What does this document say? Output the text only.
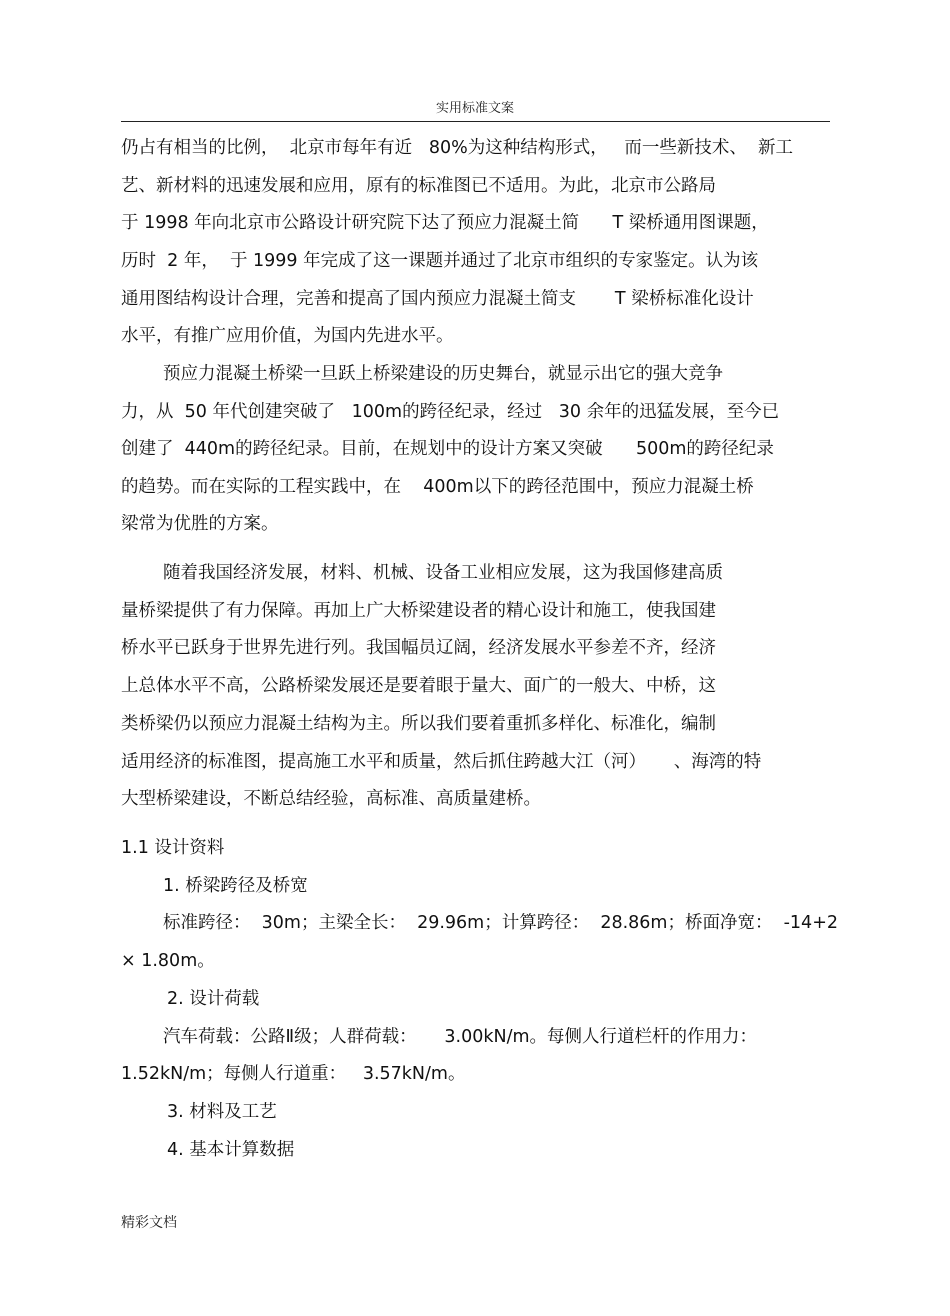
实用标准文案
仍占有相当的比例，  北京市每年有近   80%为这种结构形式，   而一些新技术、  新工
艺、新材料的迅速发展和应用，原有的标准图已不适用。为此，北京市公路局
于 1998 年向北京市公路设计研究院下达了预应力混凝土简      T 梁桥通用图课题，
历时  2 年，  于 1999 年完成了这一课题并通过了北京市组织的专家鉴定。认为该
通用图结构设计合理，完善和提高了国内预应力混凝土简支       T 梁桥标准化设计
水平，有推广应用价值，为国内先进水平。
预应力混凝土桥梁一旦跃上桥梁建设的历史舞台，就显示出它的强大竞争
力，从  50 年代创建突破了   100m的跨径纪录，经过   30 余年的迅猛发展，至今已
创建了  440m的跨径纪录。目前，在规划中的设计方案又突破      500m的跨径纪录
的趋势。而在实际的工程实践中，在    400m以下的跨径范围中，预应力混凝土桥
梁常为优胜的方案。
随着我国经济发展，材料、机械、设备工业相应发展，这为我国修建高质
量桥梁提供了有力保障。再加上广大桥梁建设者的精心设计和施工，使我国建
桥水平已跃身于世界先进行列。我国幅员辽阔，经济发展水平参差不齐，经济
上总体水平不高，公路桥梁发展还是要着眼于量大、面广的一般大、中桥，这
类桥梁仍以预应力混凝土结构为主。所以我们要着重抓多样化、标准化，编制
适用经济的标准图，提高施工水平和质量，然后抓住跨越大江（河）     、海湾的特
大型桥梁建设，不断总结经验，高标准、高质量建桥。
1.1 设计资料
1. 桥梁跨径及桥宽
标准跨径：  30m；主梁全长：  29.96m；计算跨径：  28.86m；桥面净宽：  -14+2
× 1.80m。
2. 设计荷载
汽车荷载：公路Ⅱ级；人群荷载：     3.00kN/m。每侧人行道栏杆的作用力：
1.52kN/m；每侧人行道重：   3.57kN/m。
3. 材料及工艺
4. 基本计算数据
精彩文档
